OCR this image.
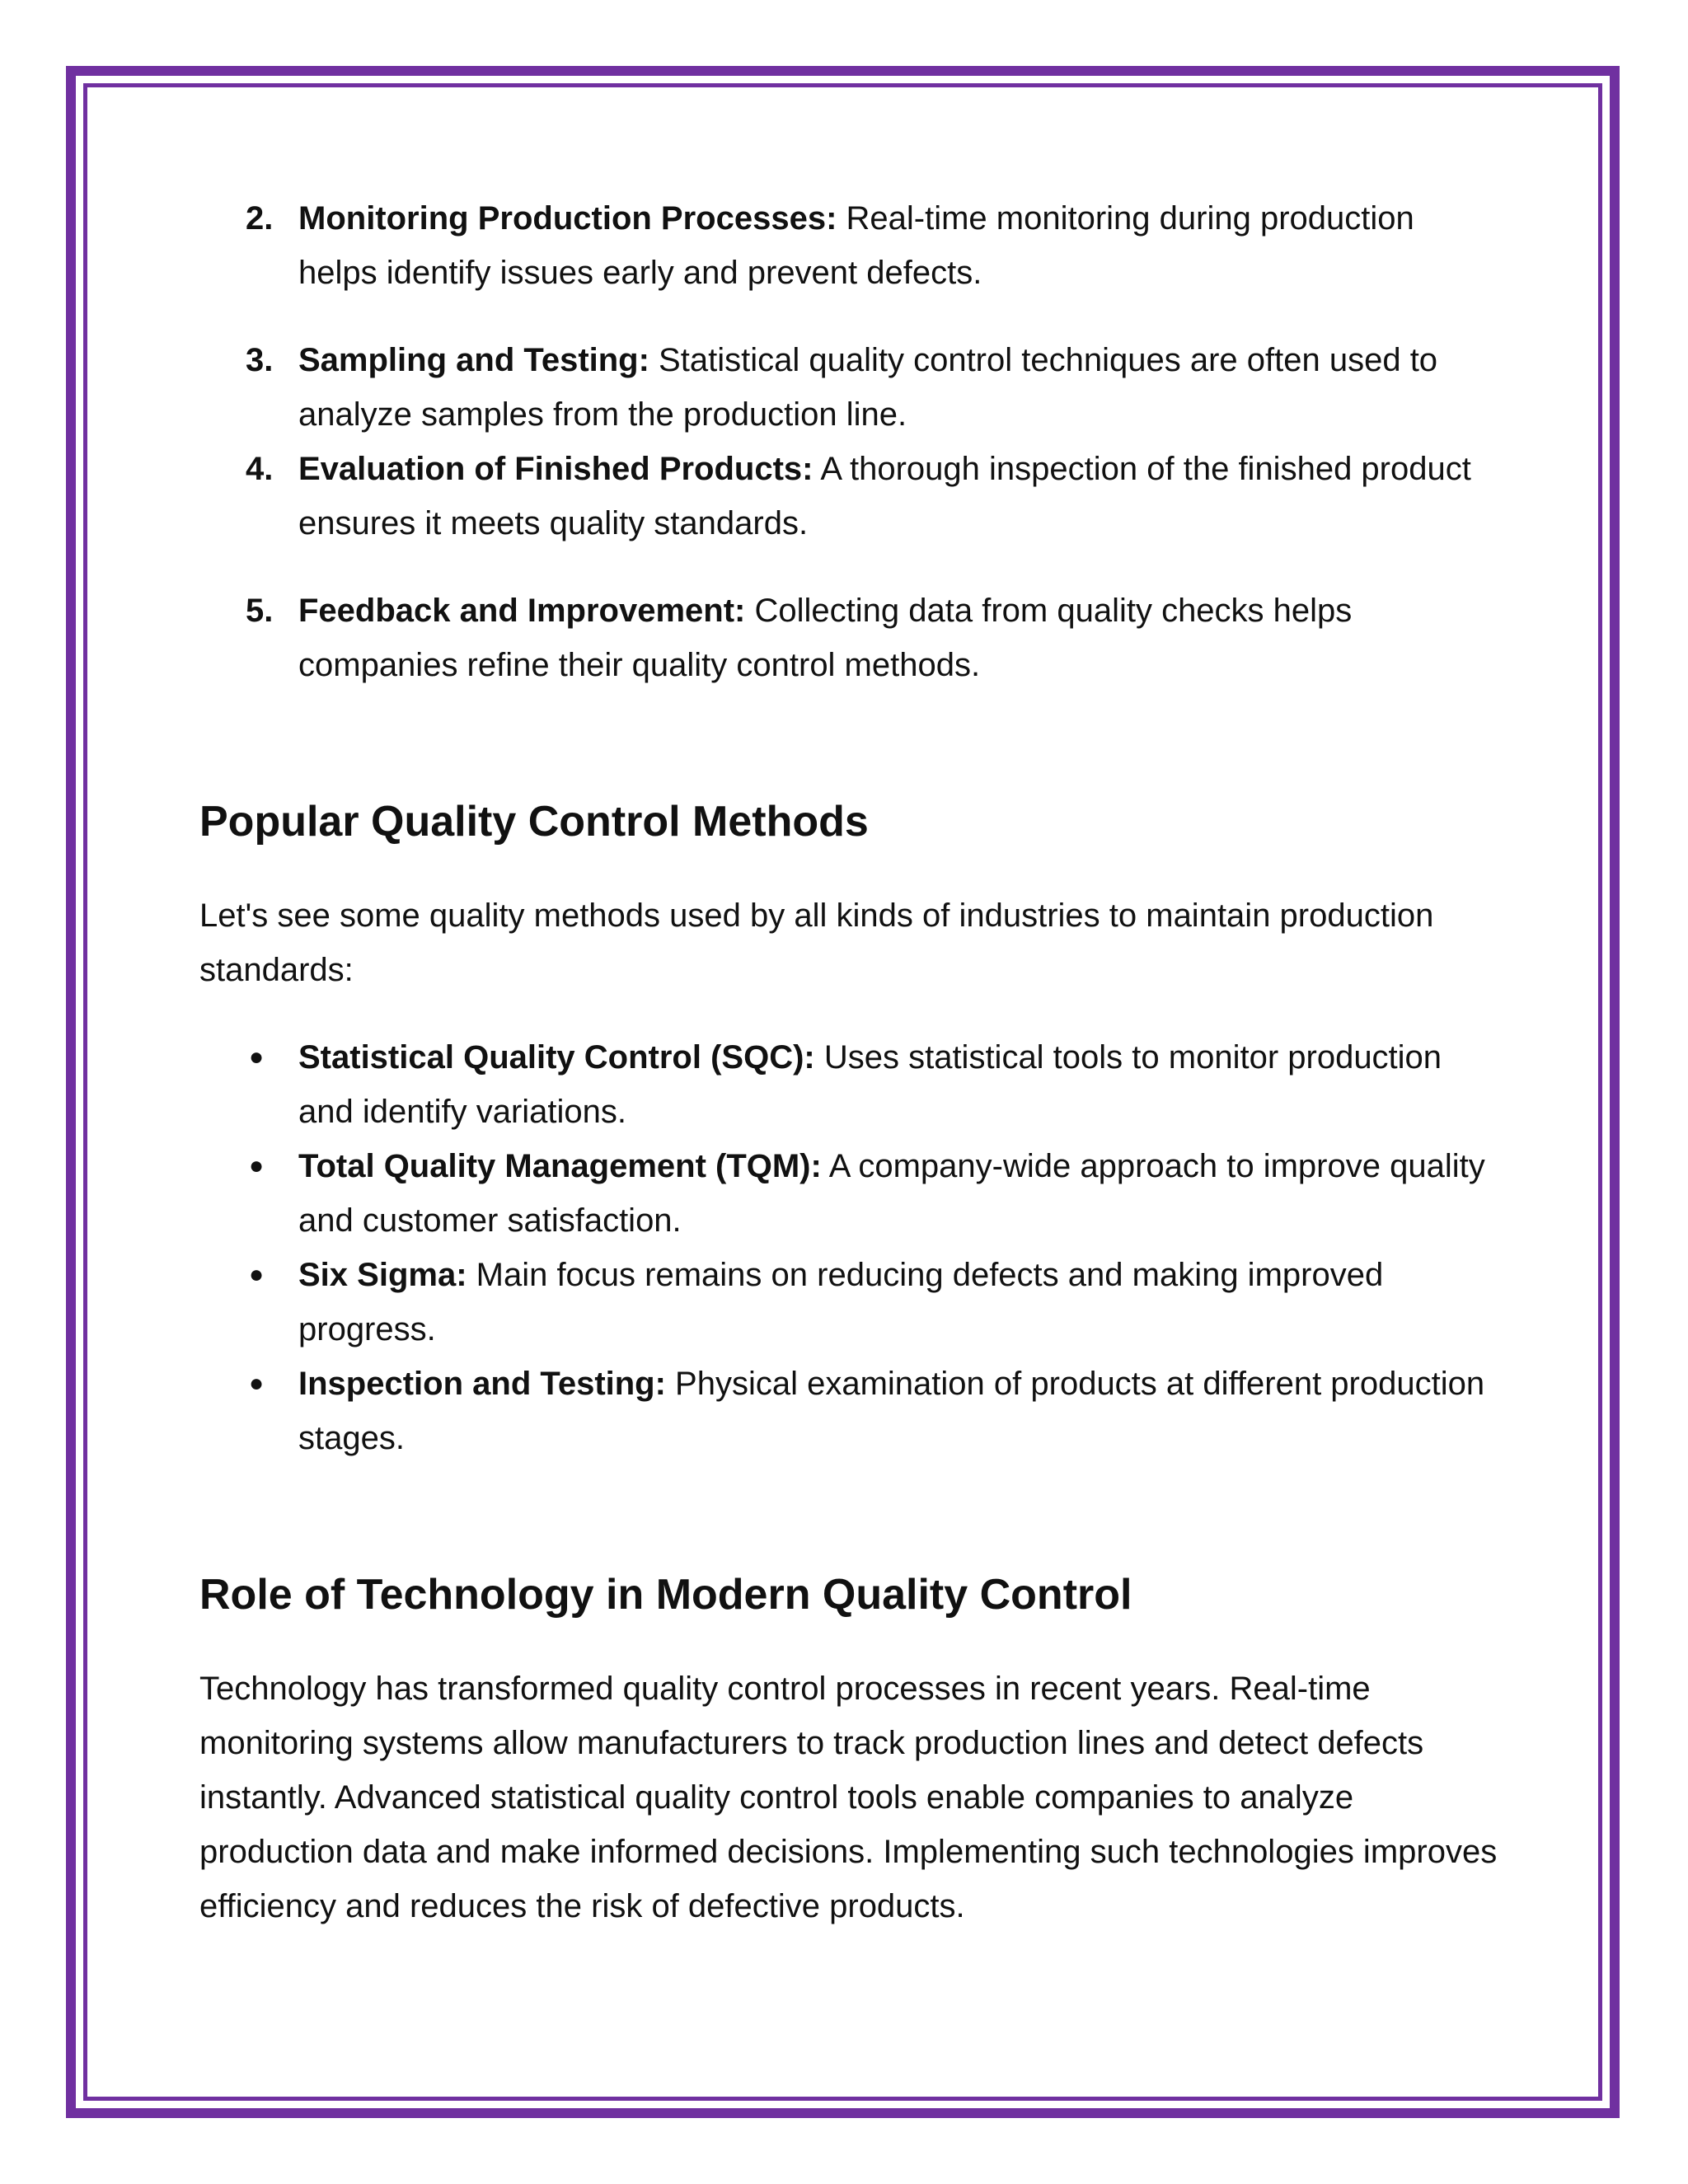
2. Monitoring Production Processes: Real-time monitoring during production helps identify issues early and prevent defects.
3. Sampling and Testing: Statistical quality control techniques are often used to analyze samples from the production line.
4. Evaluation of Finished Products: A thorough inspection of the finished product ensures it meets quality standards.
5. Feedback and Improvement: Collecting data from quality checks helps companies refine their quality control methods.
Popular Quality Control Methods

Let's see some quality methods used by all kinds of industries to maintain production standards:

● Statistical Quality Control (SQC): Uses statistical tools to monitor production and identify variations.
● Total Quality Management (TQM): A company-wide approach to improve quality and customer satisfaction.
● Six Sigma: Main focus remains on reducing defects and making improved progress.
● Inspection and Testing: Physical examination of products at different production stages.
Role of Technology in Modern Quality Control

Technology has transformed quality control processes in recent years. Real-time monitoring systems allow manufacturers to track production lines and detect defects instantly. Advanced statistical quality control tools enable companies to analyze production data and make informed decisions. Implementing such technologies improves efficiency and reduces the risk of defective products.
